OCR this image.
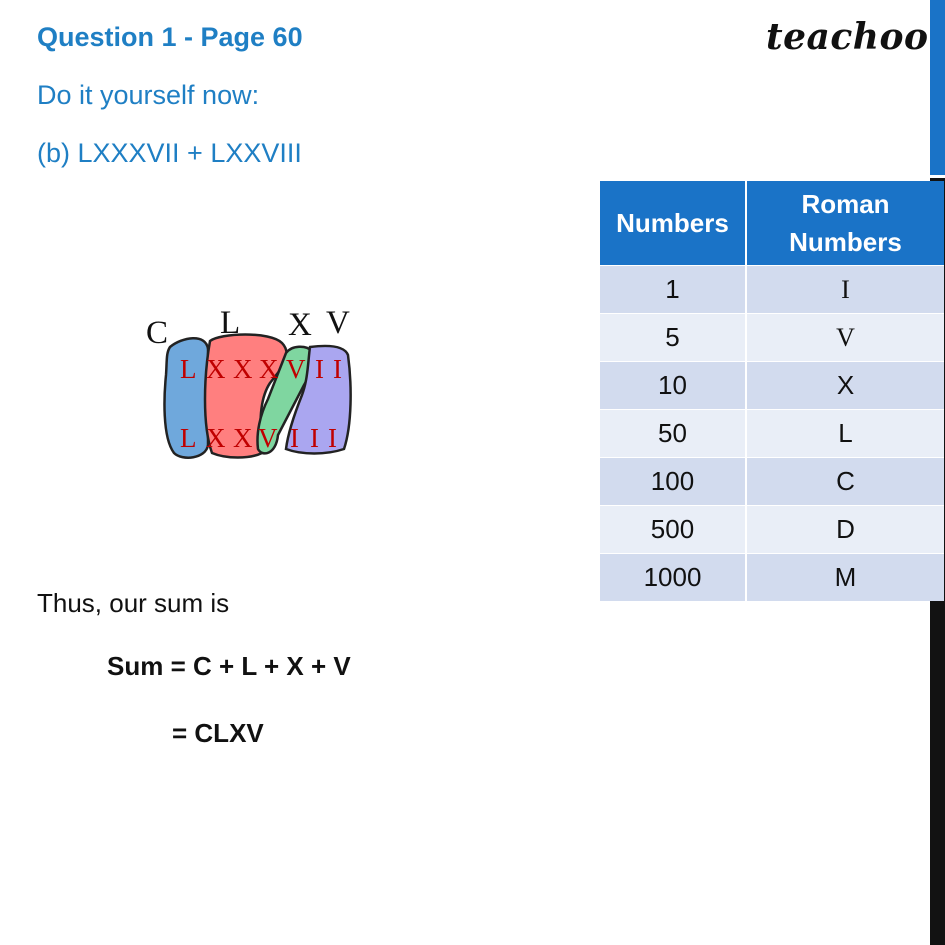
Question 1 - Page 60
Do it yourself now:
(b) LXXXVII + LXXVIII
teachoo
C L X V
L X X X V I I
L X X V I I I
Numbers	Roman Numbers
1	I
5	V
10	X
50	L
100	C
500	D
1000	M
Thus, our sum is
Sum = C + L + X + V
= CLXV
